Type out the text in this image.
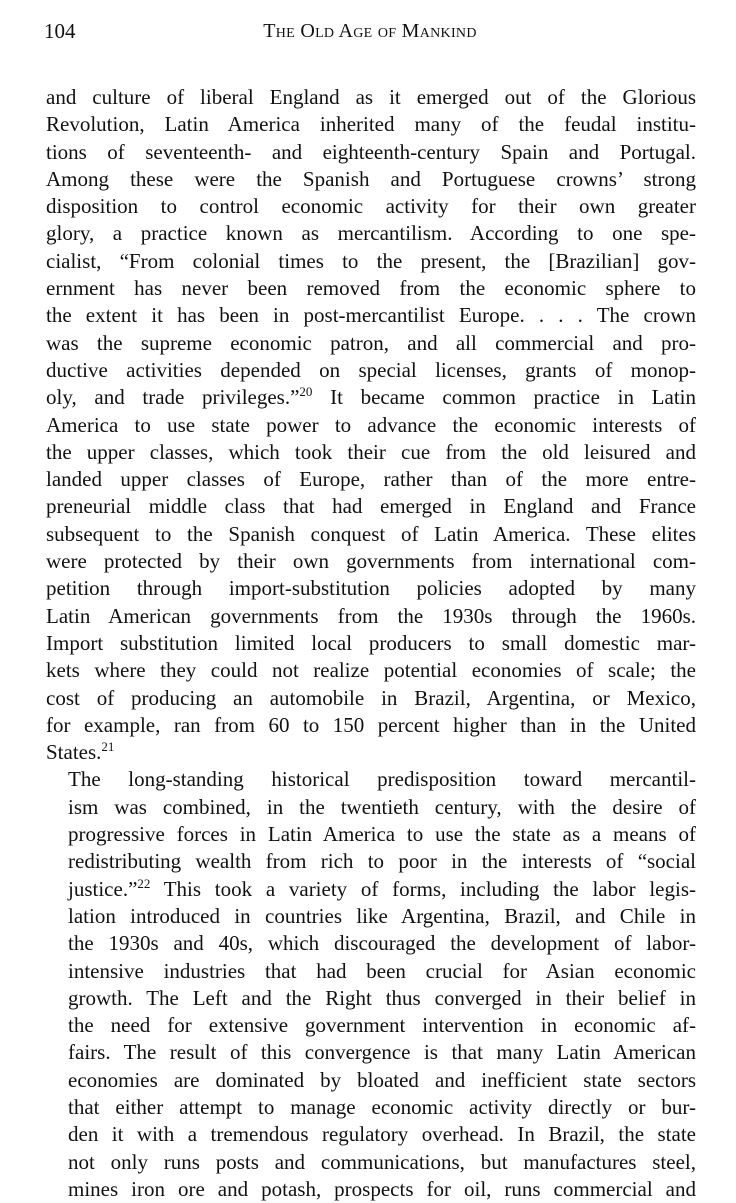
104	The Old Age of Mankind
and culture of liberal England as it emerged out of the Glorious
Revolution, Latin America inherited many of the feudal institu-
tions of seventeenth- and eighteenth-century Spain and Portugal.
Among these were the Spanish and Portuguese crowns’ strong
disposition to control economic activity for their own greater
glory, a practice known as mercantilism. According to one spe-
cialist, “From colonial times to the present, the [Brazilian] gov-
ernment has never been removed from the economic sphere to
the extent it has been in post-mercantilist Europe. . . . The crown
was the supreme economic patron, and all commercial and pro-
ductive activities depended on special licenses, grants of monop-
oly, and trade privileges.”$^{20}$ It became common practice in Latin
America to use state power to advance the economic interests of
the upper classes, which took their cue from the old leisured and
landed upper classes of Europe, rather than of the more entre-
preneurial middle class that had emerged in England and France
subsequent to the Spanish conquest of Latin America. These elites
were protected by their own governments from international com-
petition through import-substitution policies adopted by many
Latin American governments from the 1930s through the 1960s.
Import substitution limited local producers to small domestic mar-
kets where they could not realize potential economies of scale; the
cost of producing an automobile in Brazil, Argentina, or Mexico,
for example, ran from 60 to 150 percent higher than in the United
States.$^{21}$
The long-standing historical predisposition toward mercantil-
ism was combined, in the twentieth century, with the desire of
progressive forces in Latin America to use the state as a means of
redistributing wealth from rich to poor in the interests of “social
justice.”$^{22}$ This took a variety of forms, including the labor legis-
lation introduced in countries like Argentina, Brazil, and Chile in
the 1930s and 40s, which discouraged the development of labor-
intensive industries that had been crucial for Asian economic
growth. The Left and the Right thus converged in their belief in
the need for extensive government intervention in economic af-
fairs. The result of this convergence is that many Latin American
economies are dominated by bloated and inefficient state sectors
that either attempt to manage economic activity directly or bur-
den it with a tremendous regulatory overhead. In Brazil, the state
not only runs posts and communications, but manufactures steel,
mines iron ore and potash, prospects for oil, runs commercial and
